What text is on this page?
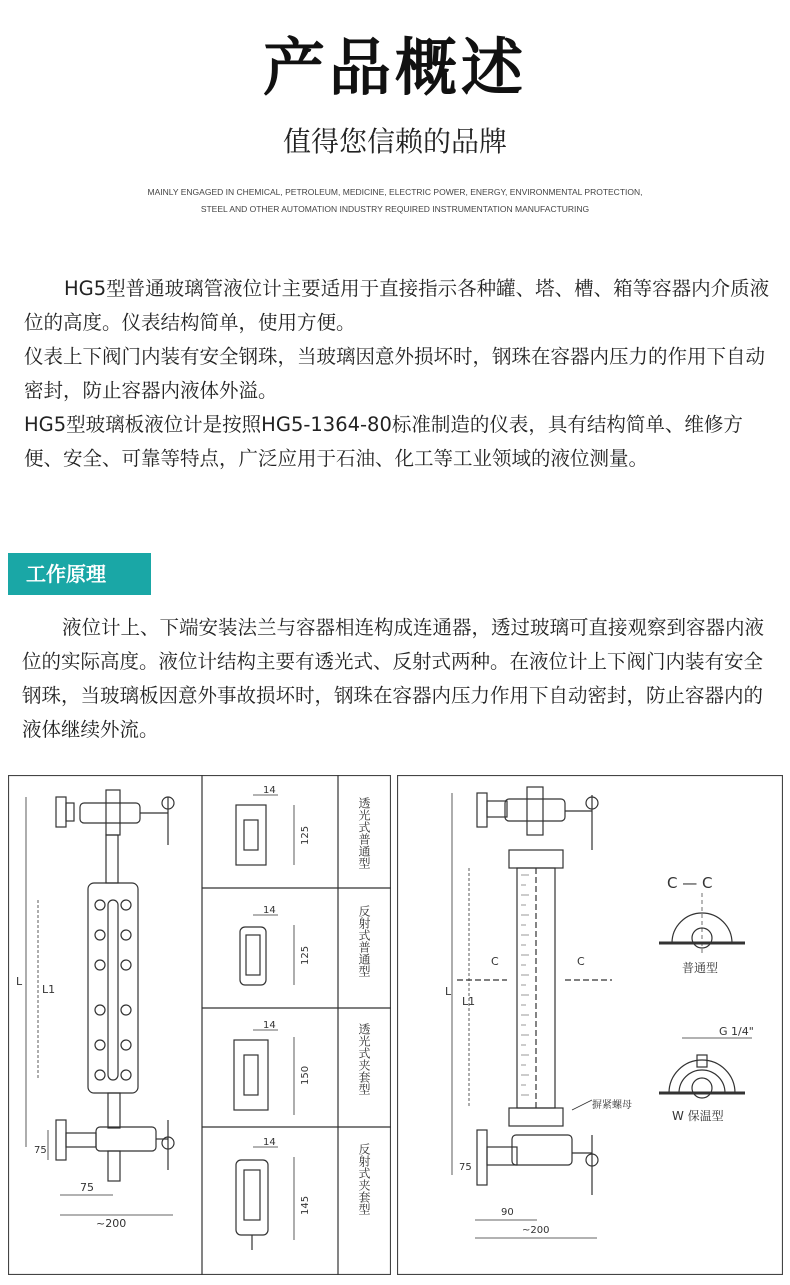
产品概述
值得您信赖的品牌
MAINLY ENGAGED IN CHEMICAL, PETROLEUM, MEDICINE, ELECTRIC POWER, ENERGY, ENVIRONMENTAL PROTECTION,
STEEL AND OTHER AUTOMATION INDUSTRY REQUIRED INSTRUMENTATION MANUFACTURING

HG5型普通玻璃管液位计主要适用于直接指示各种罐、塔、槽、箱等容器内介质液位的高度。仪表结构简单，使用方便。

仪表上下阀门内装有安全钢珠，当玻璃因意外损坏时，钢珠在容器内压力的作用下自动密封，防止容器内液体外溢。

HG5型玻璃板液位计是按照HG5-1364-80标准制造的仪表，具有结构简单、维修方便、安全、可靠等特点，广泛应用于石油、化工等工业领域的液位测量。

工作原理

液位计上、下端安装法兰与容器相连构成连通器，透过玻璃可直接观察到容器内液位的实际高度。液位计结构主要有透光式、反射式两种。在液位计上下阀门内装有安全钢珠，当玻璃板因意外事故损坏时，钢珠在容器内压力作用下自动密封，防止容器内的液体继续外流。

L
L1
75
75
~200
14
125	透光式普通型
14
125	反射式普通型
14
150	透光式夹套型
14
145	反射式夹套型
L
L1
C	C
75
90
~200
摒紧螺母
C — C
普通型
G 1/4"
W 保温型
